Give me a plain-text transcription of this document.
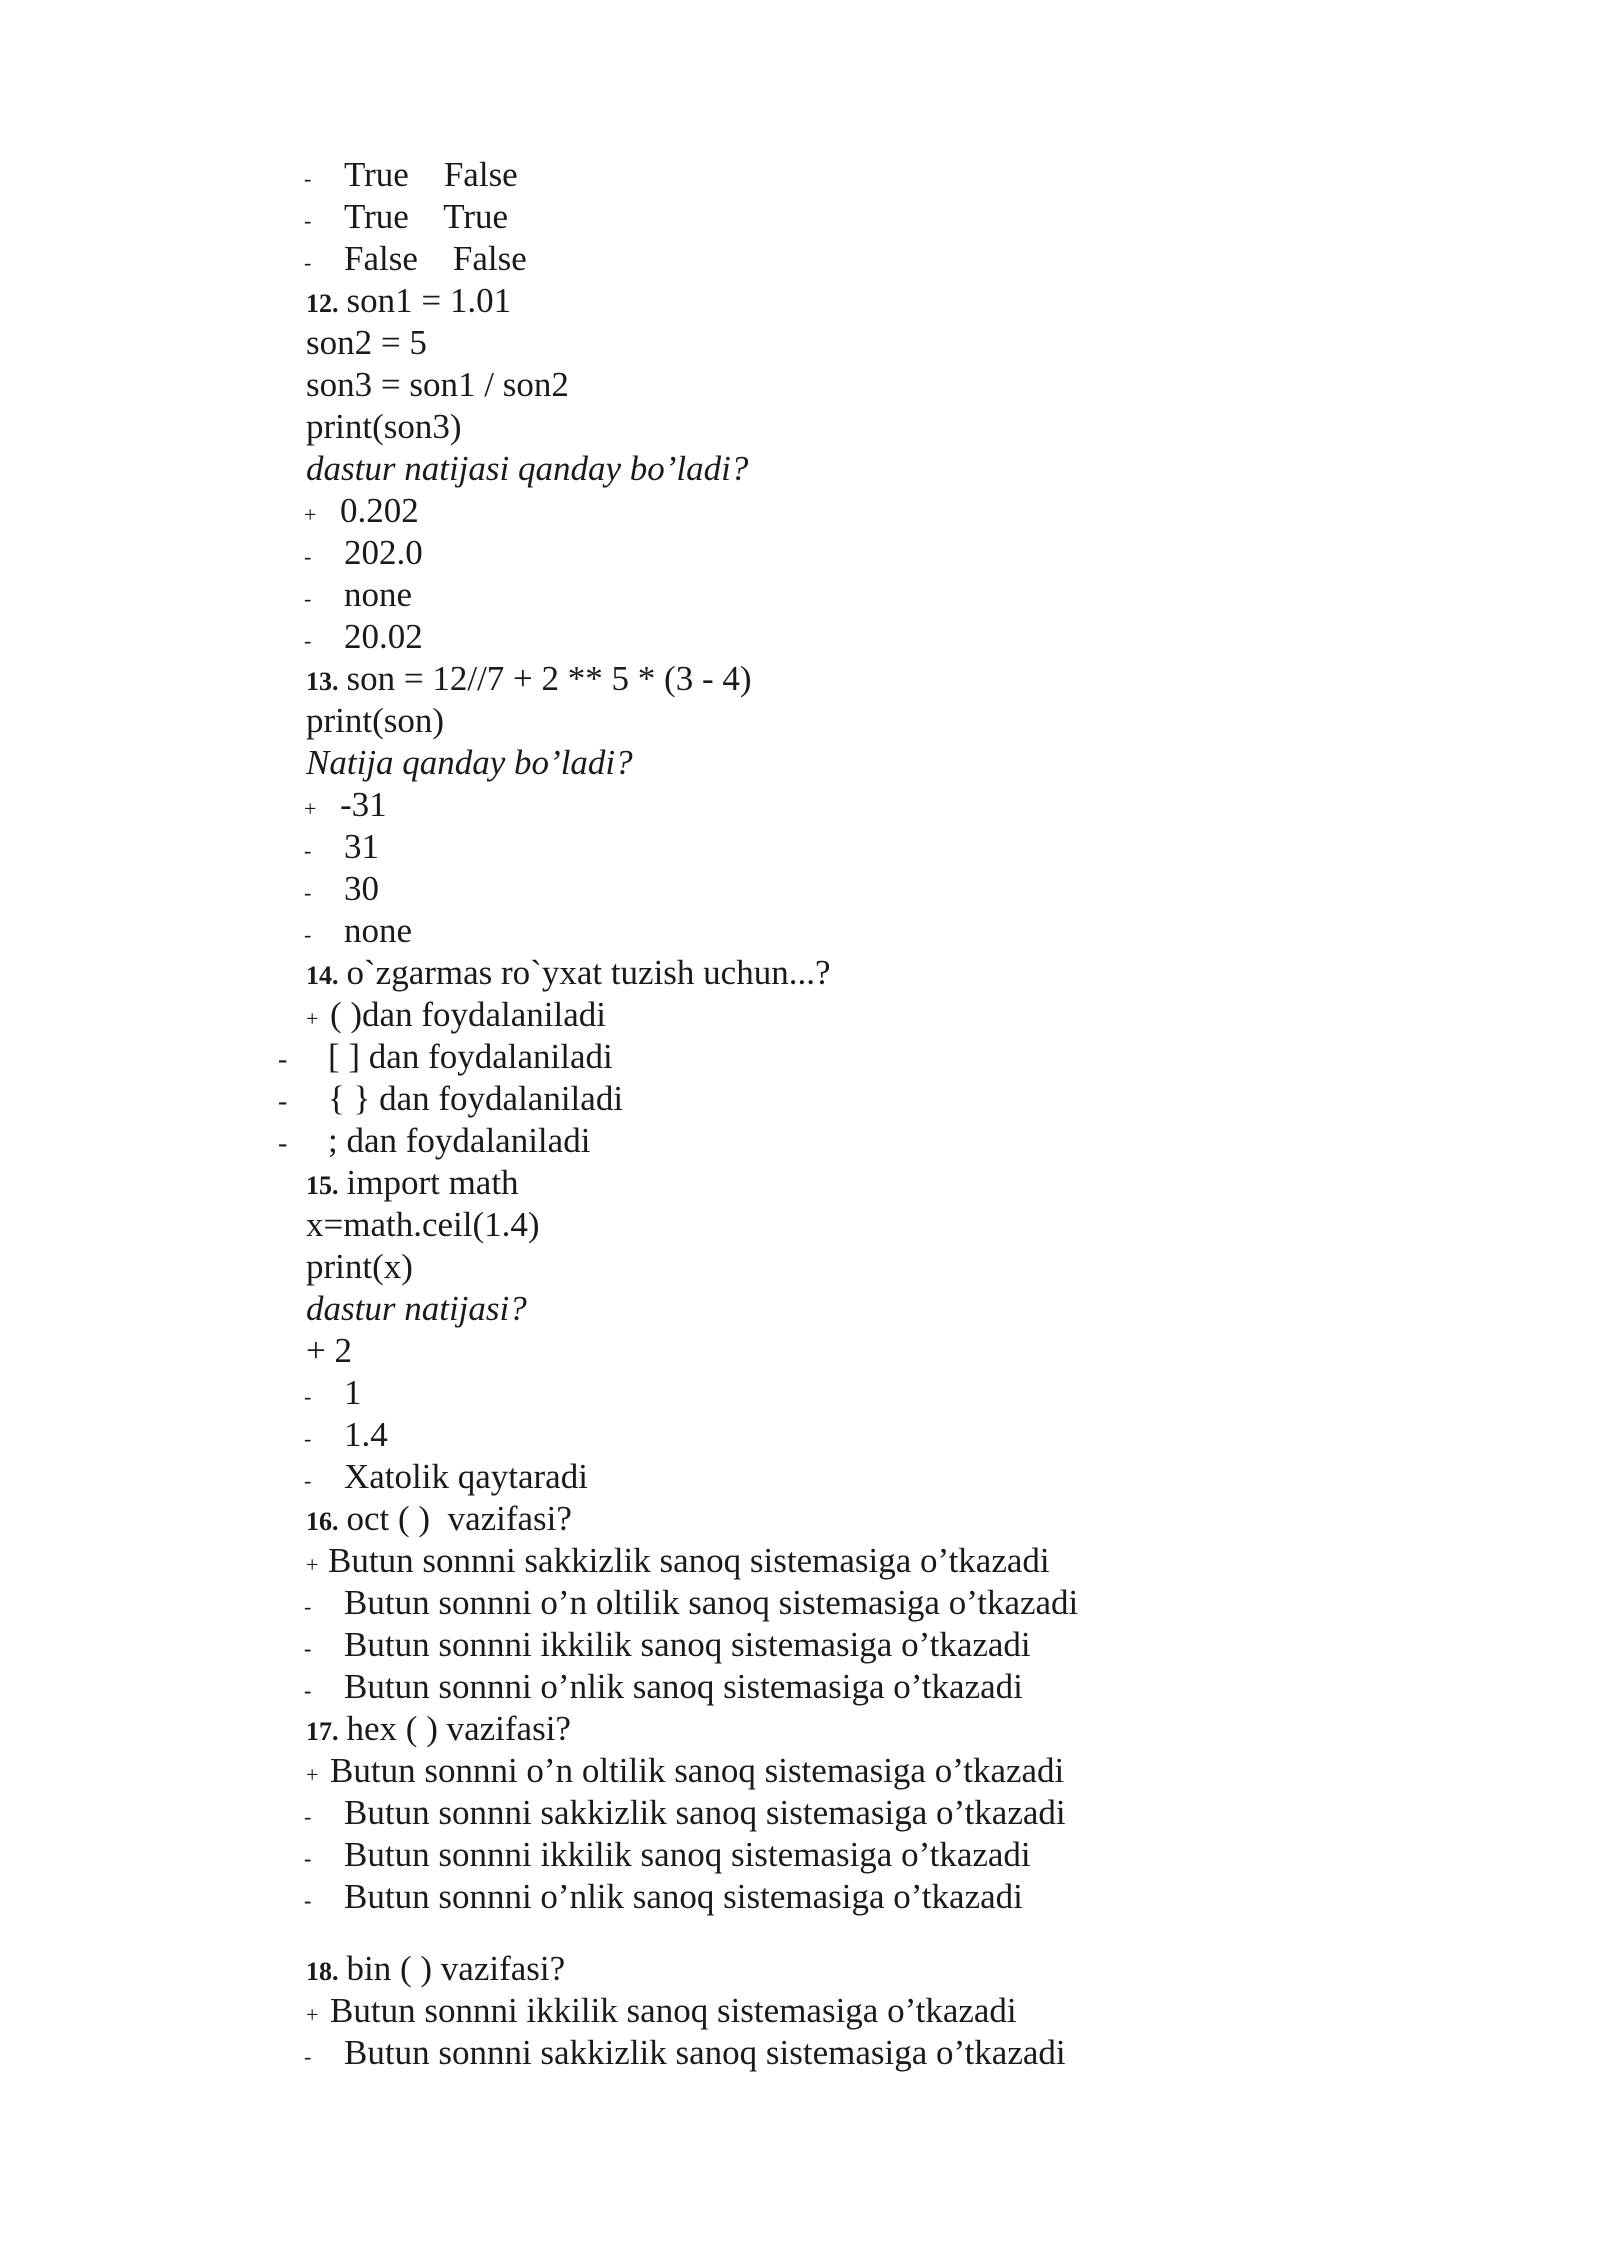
- True    False
- True    True
- False    False
12. son1 = 1.01
son2 = 5
son3 = son1 / son2
print(son3)
dastur natijasi qanday bo’ladi?
+ 0.202
- 202.0
- none
- 20.02
13. son = 12//7 + 2 ** 5 * (3 - 4)
print(son)
Natija qanday bo’ladi?
+ -31
- 31
- 30
- none
14. o`zgarmas ro`yxat tuzish uchun...?
+ ( )dan foydalaniladi
- [ ] dan foydalaniladi
- { } dan foydalaniladi
- ; dan foydalaniladi
15. import math
x=math.ceil(1.4)
print(x)
dastur natijasi?
+ 2
- 1
- 1.4
- Xatolik qaytaradi
16. oct ( )  vazifasi?
+ Butun sonnni sakkizlik sanoq sistemasiga o’tkazadi
- Butun sonnni o’n oltilik sanoq sistemasiga o’tkazadi
- Butun sonnni ikkilik sanoq sistemasiga o’tkazadi
- Butun sonnni o’nlik sanoq sistemasiga o’tkazadi
17. hex ( ) vazifasi?
+ Butun sonnni o’n oltilik sanoq sistemasiga o’tkazadi
- Butun sonnni sakkizlik sanoq sistemasiga o’tkazadi
- Butun sonnni ikkilik sanoq sistemasiga o’tkazadi
- Butun sonnni o’nlik sanoq sistemasiga o’tkazadi
18. bin ( ) vazifasi?
+ Butun sonnni ikkilik sanoq sistemasiga o’tkazadi
- Butun sonnni sakkizlik sanoq sistemasiga o’tkazadi
